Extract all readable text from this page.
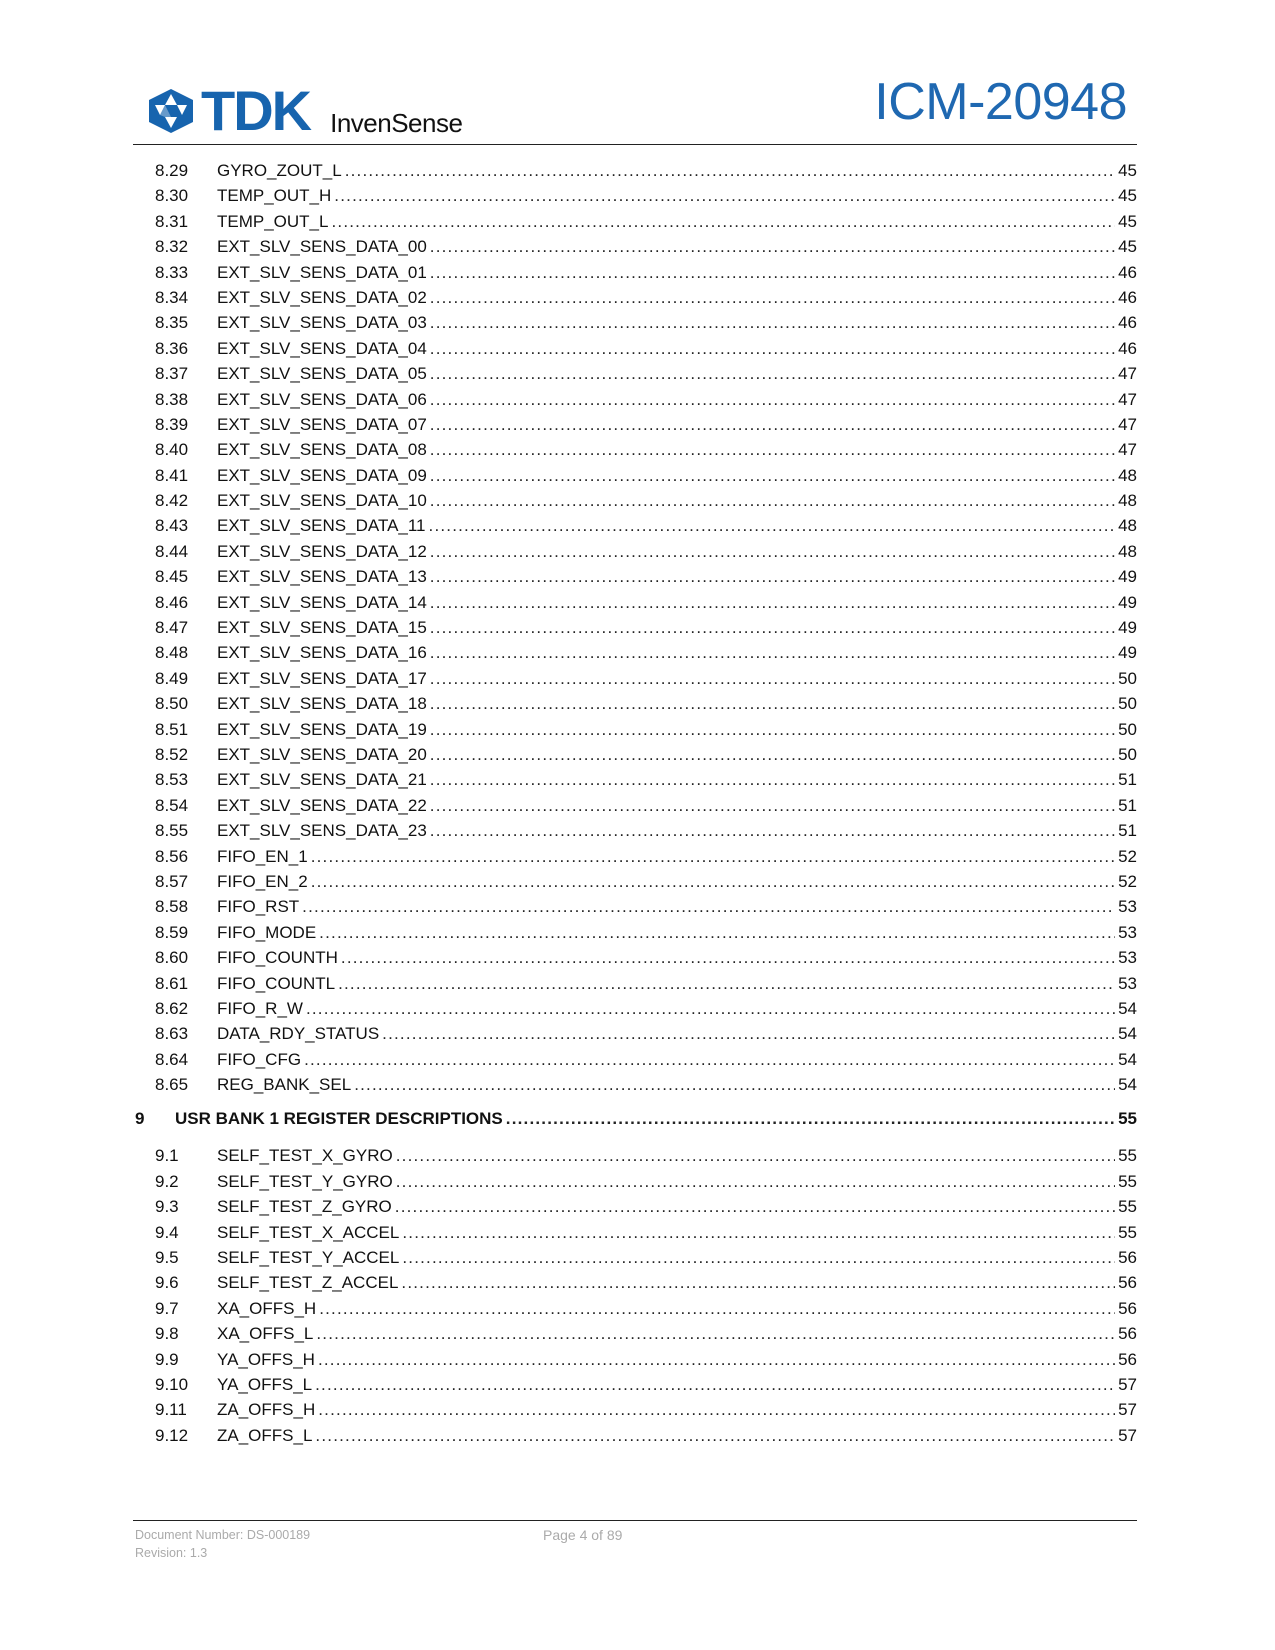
TDK InvenSense	ICM-20948
8.29	GYRO_ZOUT_L .....	45
8.30	TEMP_OUT_H .....	45
8.31	TEMP_OUT_L .....	45
8.32	EXT_SLV_SENS_DATA_00 .....	45
8.33	EXT_SLV_SENS_DATA_01 .....	46
8.34	EXT_SLV_SENS_DATA_02 .....	46
8.35	EXT_SLV_SENS_DATA_03 .....	46
8.36	EXT_SLV_SENS_DATA_04 .....	46
8.37	EXT_SLV_SENS_DATA_05 .....	47
8.38	EXT_SLV_SENS_DATA_06 .....	47
8.39	EXT_SLV_SENS_DATA_07 .....	47
8.40	EXT_SLV_SENS_DATA_08 .....	47
8.41	EXT_SLV_SENS_DATA_09 .....	48
8.42	EXT_SLV_SENS_DATA_10 .....	48
8.43	EXT_SLV_SENS_DATA_11 .....	48
8.44	EXT_SLV_SENS_DATA_12 .....	48
8.45	EXT_SLV_SENS_DATA_13 .....	49
8.46	EXT_SLV_SENS_DATA_14 .....	49
8.47	EXT_SLV_SENS_DATA_15 .....	49
8.48	EXT_SLV_SENS_DATA_16 .....	49
8.49	EXT_SLV_SENS_DATA_17 .....	50
8.50	EXT_SLV_SENS_DATA_18 .....	50
8.51	EXT_SLV_SENS_DATA_19 .....	50
8.52	EXT_SLV_SENS_DATA_20 .....	50
8.53	EXT_SLV_SENS_DATA_21 .....	51
8.54	EXT_SLV_SENS_DATA_22 .....	51
8.55	EXT_SLV_SENS_DATA_23 .....	51
8.56	FIFO_EN_1 .....	52
8.57	FIFO_EN_2 .....	52
8.58	FIFO_RST .....	53
8.59	FIFO_MODE .....	53
8.60	FIFO_COUNTH .....	53
8.61	FIFO_COUNTL .....	53
8.62	FIFO_R_W .....	54
8.63	DATA_RDY_STATUS .....	54
8.64	FIFO_CFG .....	54
8.65	REG_BANK_SEL .....	54
9	USR BANK 1 REGISTER DESCRIPTIONS .....	55
9.1	SELF_TEST_X_GYRO .....	55
9.2	SELF_TEST_Y_GYRO .....	55
9.3	SELF_TEST_Z_GYRO .....	55
9.4	SELF_TEST_X_ACCEL .....	55
9.5	SELF_TEST_Y_ACCEL .....	56
9.6	SELF_TEST_Z_ACCEL .....	56
9.7	XA_OFFS_H .....	56
9.8	XA_OFFS_L .....	56
9.9	YA_OFFS_H .....	56
9.10	YA_OFFS_L .....	57
9.11	ZA_OFFS_H .....	57
9.12	ZA_OFFS_L .....	57
Document Number: DS-000189
Revision: 1.3
Page 4 of 89
